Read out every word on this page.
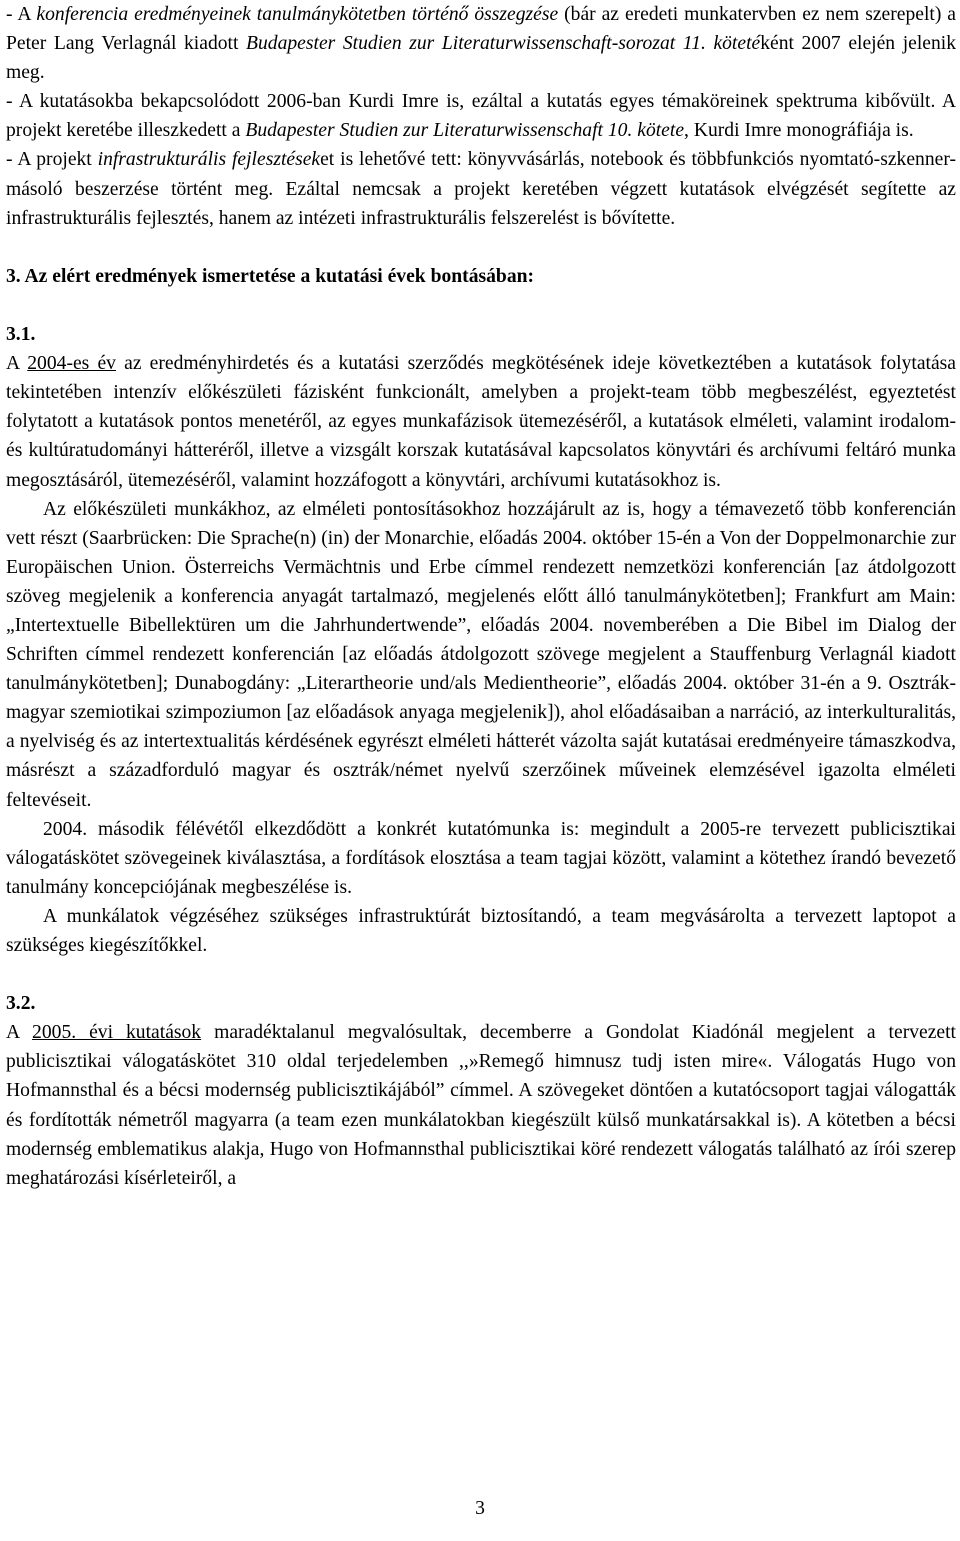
- A konferencia eredményeinek tanulmánykötetben történő összegzése (bár az eredeti munkatervben ez nem szerepelt) a Peter Lang Verlagnál kiadott Budapester Studien zur Literaturwissenschaft-sorozat 11. kötetéként 2007 elején jelenik meg.

- A kutatásokba bekapcsolódott 2006-ban Kurdi Imre is, ezáltal a kutatás egyes témaköreinek spektruma kibővült. A projekt keretébe illeszkedett a Budapester Studien zur Literaturwissenschaft 10. kötete, Kurdi Imre monográfiája is.

- A projekt infrastrukturális fejlesztéseket is lehetővé tett: könyvvásárlás, notebook és többfunkciós nyomtató-szkenner-másoló beszerzése történt meg. Ezáltal nemcsak a projekt keretében végzett kutatások elvégzését segítette az infrastrukturális fejlesztés, hanem az intézeti infrastrukturális felszerelést is bővítette.

3. Az elért eredmények ismertetése a kutatási évek bontásában:
3.1.

A 2004-es év az eredményhirdetés és a kutatási szerződés megkötésének ideje következtében a kutatások folytatása tekintetében intenzív előkészületi fázisként funkcionált, amelyben a projekt-team több megbeszélést, egyeztetést folytatott a kutatások pontos menetéről, az egyes munkafázisok ütemezéséről, a kutatások elméleti, valamint irodalom- és kultúratudományi hátteréről, illetve a vizsgált korszak kutatásával kapcsolatos könyvtári és archívumi feltáró munka megosztásáról, ütemezéséről, valamint hozzáfogott a könyvtári, archívumi kutatásokhoz is.

Az előkészületi munkákhoz, az elméleti pontosításokhoz hozzájárult az is, hogy a témavezető több konferencián vett részt (Saarbrücken: Die Sprache(n) (in) der Monarchie, előadás 2004. október 15-én a Von der Doppelmonarchie zur Europäischen Union. Österreichs Vermächtnis und Erbe címmel rendezett nemzetközi konferencián [az átdolgozott szöveg megjelenik a konferencia anyagát tartalmazó, megjelenés előtt álló tanulmánykötetben]; Frankfurt am Main: „Intertextuelle Bibellektüren um die Jahrhundertwende”, előadás 2004. novemberében a Die Bibel im Dialog der Schriften címmel rendezett konferencián [az előadás átdolgozott szövege megjelent a Stauffenburg Verlagnál kiadott tanulmánykötetben]; Dunabogdány: „Literartheorie und/als Medientheorie”, előadás 2004. október 31-én a 9. Osztrák-magyar szemiotikai szimpoziumon [az előadások anyaga megjelenik]), ahol előadásaiban a narráció, az interkulturalitás, a nyelviség és az intertextualitás kérdésének egyrészt elméleti hátterét vázolta saját kutatásai eredményeire támaszkodva, másrészt a századforduló magyar és osztrák/német nyelvű szerzőinek műveinek elemzésével igazolta elméleti feltevéseit.

2004. második félévétől elkezdődött a konkrét kutatómunka is: megindult a 2005-re tervezett publicisztikai válogatáskötet szövegeinek kiválasztása, a fordítások elosztása a team tagjai között, valamint a kötethez írandó bevezető tanulmány koncepciójának megbeszélése is.

A munkálatok végzéséhez szükséges infrastruktúrát biztosítandó, a team megvásárolta a tervezett laptopot a szükséges kiegészítőkkel.

3.2.

A 2005. évi kutatások maradéktalanul megvalósultak, decemberre a Gondolat Kiadónál megjelent a tervezett publicisztikai válogatáskötet 310 oldal terjedelemben ,,»Remegő himnusz tudj isten mire«. Válogatás Hugo von Hofmannsthal és a bécsi modernség publicisztikájából” címmel. A szövegeket döntően a kutatócsoport tagjai válogatták és fordították németről magyarra (a team ezen munkálatokban kiegészült külső munkatársakkal is). A kötetben a bécsi modernség emblematikus alakja, Hugo von Hofmannsthal publicisztikai köré rendezett válogatás található az írói szerep meghatározási kísérleteiről, a

3
